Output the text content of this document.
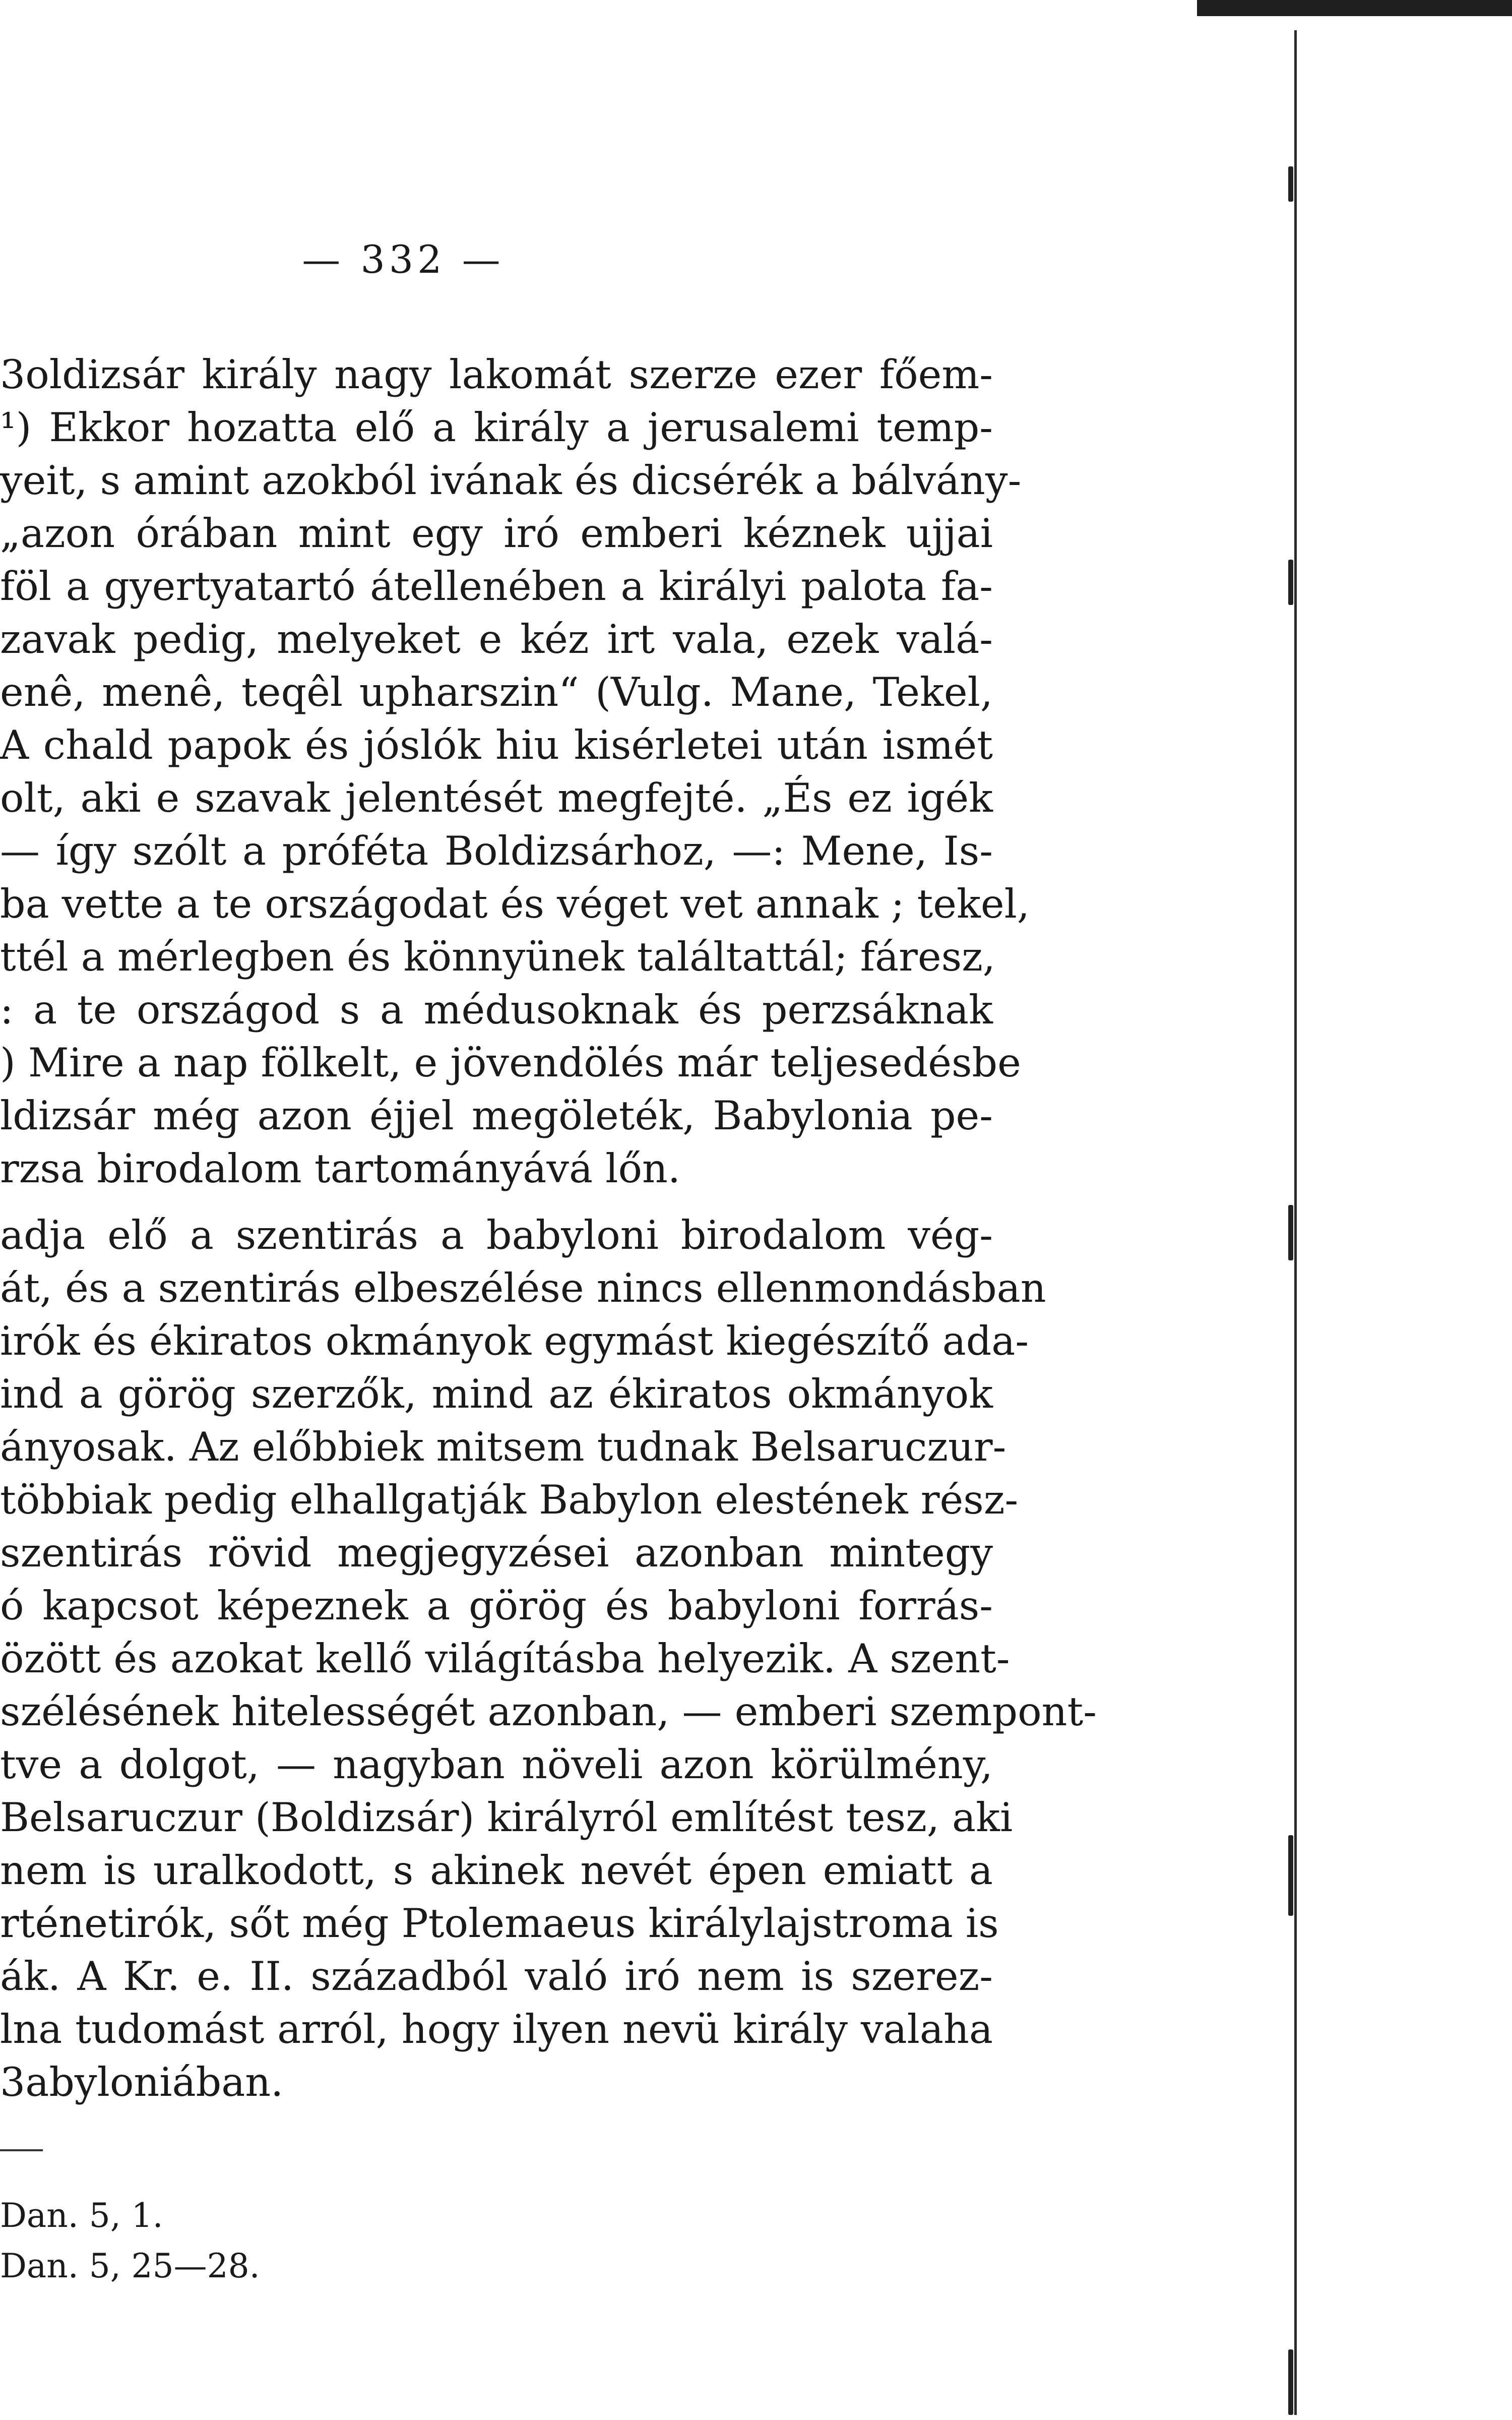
— 332 —
3oldizsár király nagy lakomát szerze ezer főem-
¹) Ekkor hozatta elő a király a jerusalemi temp-
yeit, s amint azokból ivának és dicsérék a bálvány-
„azon órában mint egy iró emberi kéznek ujjai
föl a gyertyatartó átellenében a királyi palota fa-
zavak pedig, melyeket e kéz irt vala, ezek valá-
enê, menê, teqêl upharszin“ (Vulg. Mane, Tekel,
A chald papok és jóslók hiu kisérletei után ismét
olt, aki e szavak jelentését megfejté. „És ez igék
— így szólt a próféta Boldizsárhoz, —: Mene, Is-
ba vette a te országodat és véget vet annak ; tekel,
ttél a mérlegben és könnyünek találtattál; fáresz,
: a te országod s a médusoknak és perzsáknak
) Mire a nap fölkelt, e jövendölés már teljesedésbe
ldizsár még azon éjjel megöleték, Babylonia pe-
rzsa birodalom tartományává lőn.
adja elő a szentirás a babyloni birodalom vég-
át, és a szentirás elbeszélése nincs ellenmondásban
irók és ékiratos okmányok egymást kiegészítő ada-
ind a görög szerzők, mind az ékiratos okmányok
ányosak. Az előbbiek mitsem tudnak Belsaruczur-
többiak pedig elhallgatják Babylon elestének rész-
szentirás rövid megjegyzései azonban mintegy
ó kapcsot képeznek a görög és babyloni forrás-
özött és azokat kellő világításba helyezik. A szent-
szélésének hitelességét azonban, — emberi szempont-
tve a dolgot, — nagyban növeli azon körülmény,
Belsaruczur (Boldizsár) királyról említést tesz, aki
nem is uralkodott, s akinek nevét épen emiatt a
rténetirók, sőt még Ptolemaeus királylajstroma is
ák. A Kr. e. II. századból való iró nem is szerez-
lna tudomást arról, hogy ilyen nevü király valaha
3abyloniában.
Dan. 5, 1.
Dan. 5, 25—28.
